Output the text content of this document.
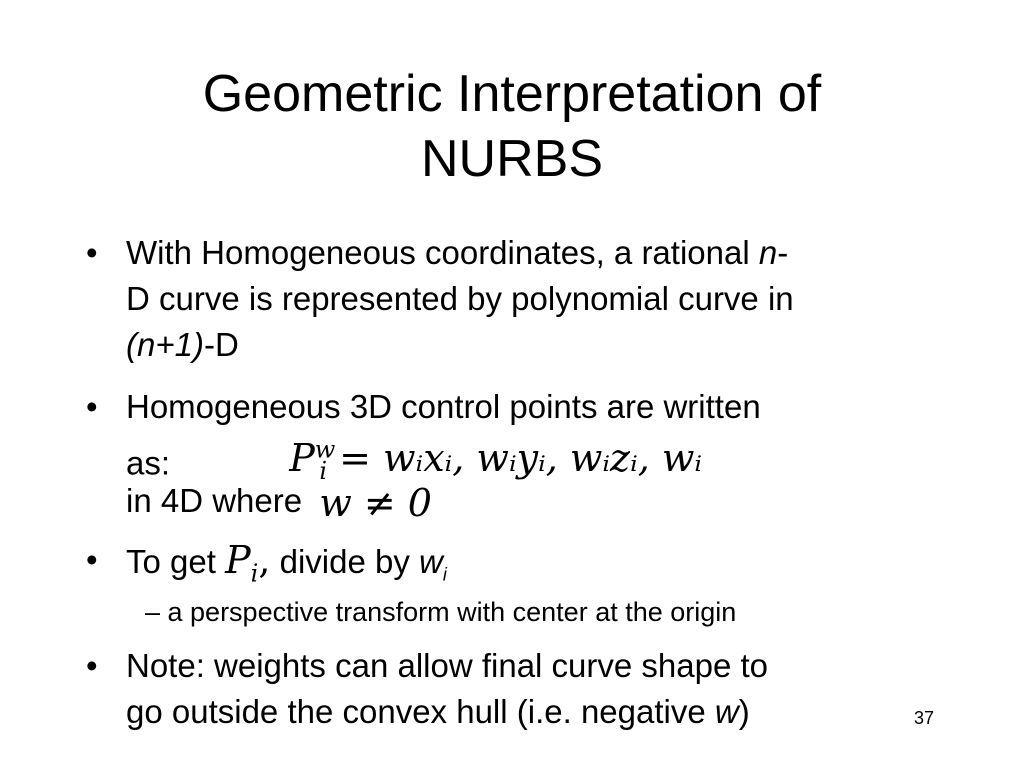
Geometric Interpretation of
NURBS
• With Homogeneous coordinates, a rational n-
D curve is represented by polynomial curve in
(n+1)-D
• Homogeneous 3D control points are written
as:	$P^w_i$ = wᵢxᵢ, wᵢyᵢ, wᵢzᵢ, wᵢ
in 4D where w ≠ 0
• To get $P_i$, divide by $w_i$
– a perspective transform with center at the origin
• Note: weights can allow final curve shape to
go outside the convex hull (i.e. negative w)	37
